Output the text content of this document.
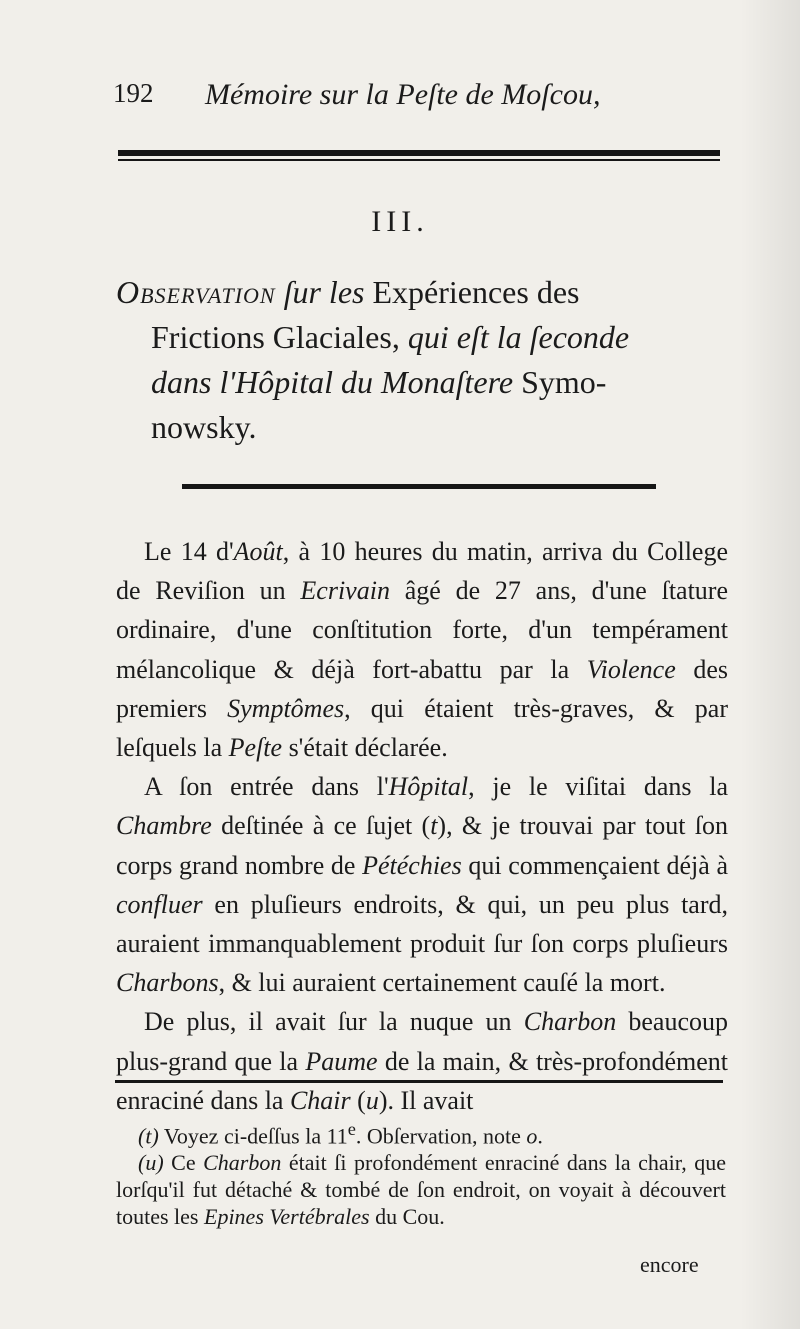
192 Mémoire sur la Peſte de Moſcou,
III.
Observation ſur les Expériences des
Frictions Glaciales, qui eſt la ſeconde
dans l'Hôpital du Monaſtere Symo-
nowsky.

Le 14 d'Août, à 10 heures du matin, arriva du College de Reviſion un Ecrivain âgé de 27 ans, d'une ſtature ordinaire, d'une conſtitution forte, d'un tempérament mélancolique & déjà fort-abattu par la Violence des premiers Symptômes, qui étaient très-graves, & par leſquels la Peſte s'était déclarée.

A ſon entrée dans l'Hôpital, je le viſitai dans la Chambre deſtinée à ce ſujet (t), & je trouvai par tout ſon corps grand nombre de Pétéchies qui commençaient déjà à confluer en pluſieurs endroits, & qui, un peu plus tard, auraient immanquablement produit ſur ſon corps pluſieurs Charbons, & lui auraient certainement cauſé la mort.

De plus, il avait ſur la nuque un Charbon beaucoup plus-grand que la Paume de la main, & très-profondément enraciné dans la Chair (u). Il avait

(t) Voyez ci-deſſus la 11e. Obſervation, note o.

(u) Ce Charbon était ſi profondément enraciné dans la chair, que lorſqu'il fut détaché & tombé de ſon endroit, on voyait à découvert toutes les Epines Vertébrales du Cou.

encore
